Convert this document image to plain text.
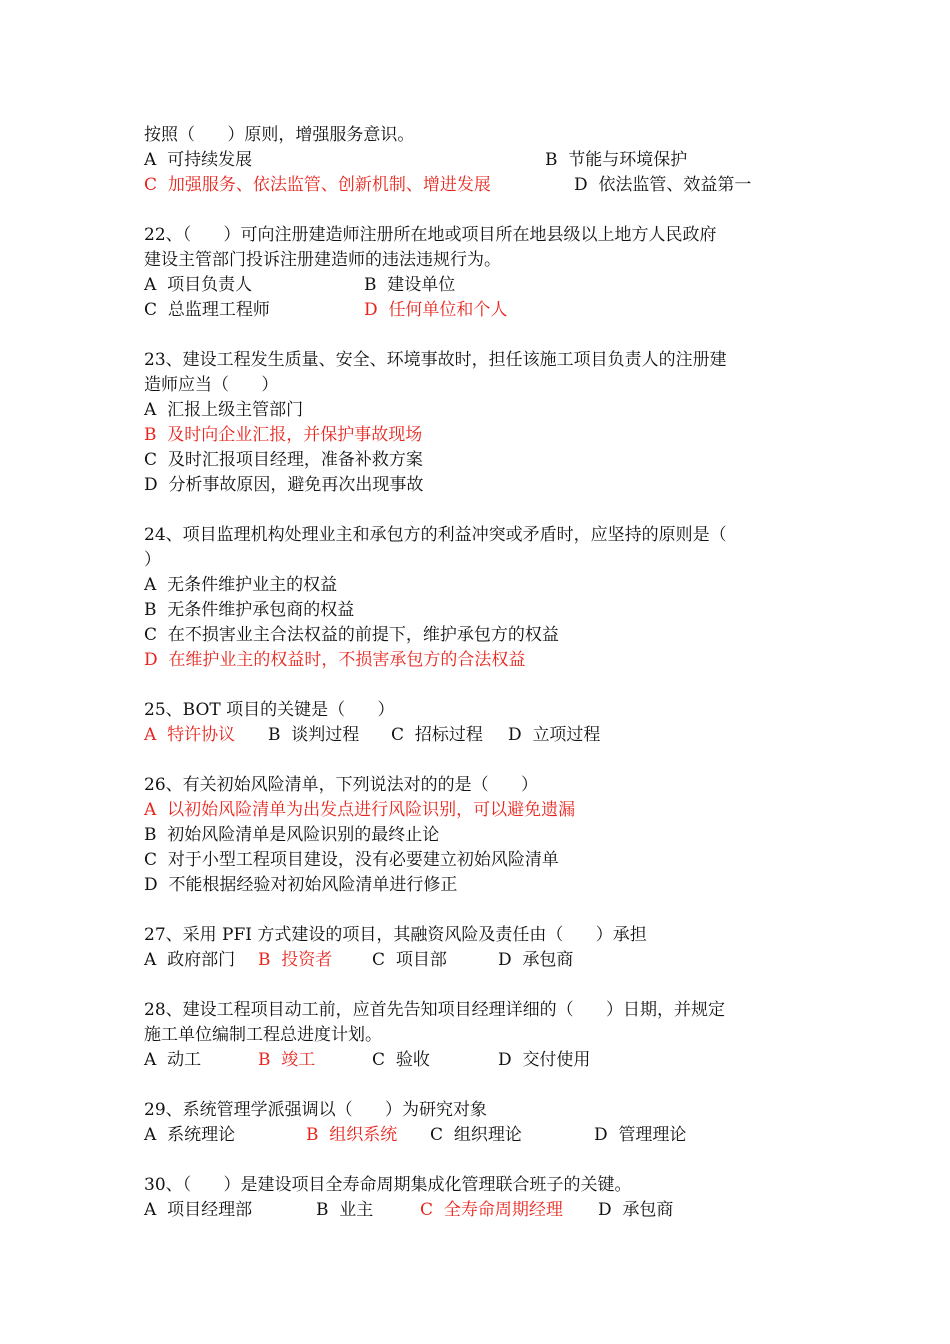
按照（      ）原则，增强服务意识。
A  可持续发展	B  节能与环境保护
C  加强服务、依法监管、创新机制、增进发展	D  依法监管、效益第一
22、（      ）可向注册建造师注册所在地或项目所在地县级以上地方人民政府
建设主管部门投诉注册建造师的违法违规行为。
A  项目负责人	B  建设单位
C  总监理工程师	D  任何单位和个人
23、建设工程发生质量、安全、环境事故时，担任该施工项目负责人的注册建
造师应当（      ）
A  汇报上级主管部门
B  及时向企业汇报，并保护事故现场
C  及时汇报项目经理，准备补救方案
D  分析事故原因，避免再次出现事故
24、项目监理机构处理业主和承包方的利益冲突或矛盾时，应坚持的原则是（
）
A  无条件维护业主的权益
B  无条件维护承包商的权益
C  在不损害业主合法权益的前提下，维护承包方的权益
D  在维护业主的权益时，不损害承包方的合法权益
25、BOT 项目的关键是（      ）
A  特许协议 B  谈判过程 C  招标过程 D  立项过程
26、有关初始风险清单，下列说法对的的是（      ）
A  以初始风险清单为出发点进行风险识别，可以避免遗漏
B  初始风险清单是风险识别的最终止论
C  对于小型工程项目建设，没有必要建立初始风险清单
D  不能根据经验对初始风险清单进行修正
27、采用 PFI 方式建设的项目，其融资风险及责任由（      ）承担
A  政府部门 B  投资者 C  项目部	D  承包商
28、建设工程项目动工前，应首先告知项目经理详细的（      ）日期，并规定
施工单位编制工程总进度计划。
A  动工	B  竣工	C  验收	D  交付使用
29、系统管理学派强调以（      ）为研究对象
A  系统理论	B  组织系统 C  组织理论	D  管理理论
30、（      ）是建设项目全寿命周期集成化管理联合班子的关键。
A  项目经理部	B  业主	C  全寿命周期经理 D  承包商
